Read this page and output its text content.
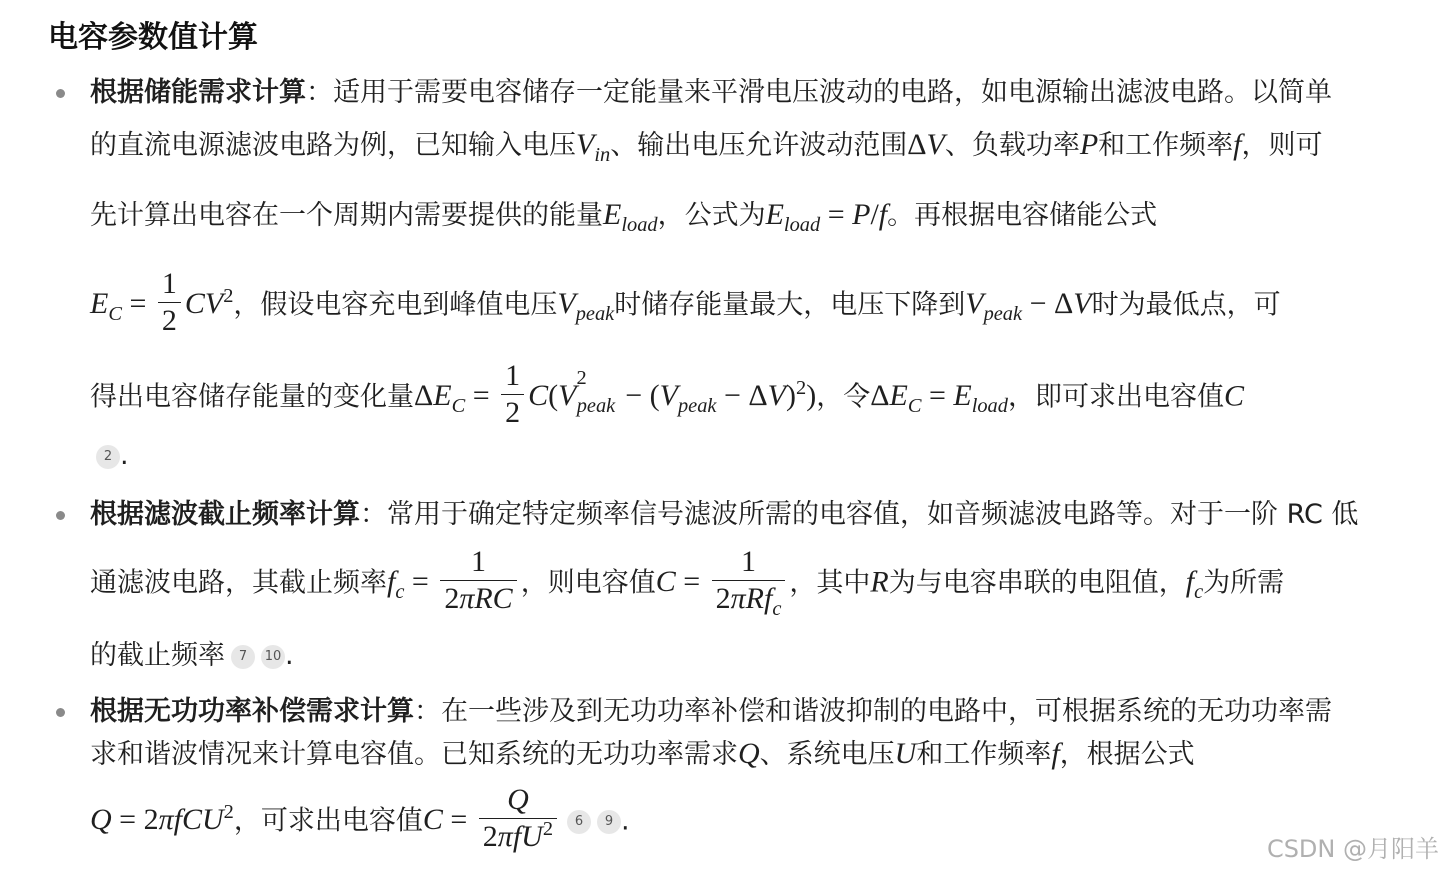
电容参数值计算
根据储能需求计算：适用于需要电容储存一定能量来平滑电压波动的电路，如电源输出滤波电路。以简单
的直流电源滤波电路为例，已知输入电压$V_{in}$、输出电压允许波动范围ΔV、负载功率P和工作频率f，则可
先计算出电容在一个周期内需要提供的能量$E_{load}$，公式为$E_{load} = P/f$。再根据电容储能公式
$E_C = \frac{1}{2} CV^2$，假设电容充电到峰值电压$V_{peak}$时储存能量最大，电压下降到$V_{peak} - \Delta V$时为最低点，可
得出电容储存能量的变化量$\Delta E_C = \frac{1}{2} C(V^2_{peak} - (V_{peak} - \Delta V)^2)$，令$\Delta E_C = E_{load}$，即可求出电容值C
2 .
根据滤波截止频率计算：常用于确定特定频率信号滤波所需的电容值，如音频滤波电路等。对于一阶 RC 低
通滤波电路，其截止频率$f_c = \frac{1}{\text{2πRC}}$ ，则电容值$C = \frac{1}{2\pi Rf_c}$ ，其中R为与电容串联的电阻值，$f_c$为所需
的截止频率 7 10 .
根据无功功率补偿需求计算：在一些涉及到无功功率补偿和谐波抑制的电路中，可根据系统的无功功率需
求和谐波情况来计算电容值。已知系统的无功功率需求Q、系统电压U和工作频率f，根据公式
Q = 2πfCU$^2$，可求出电容值$C = \frac{Q}{2\pi fU^2} 6$ 9 .
CSDN @月阳羊
